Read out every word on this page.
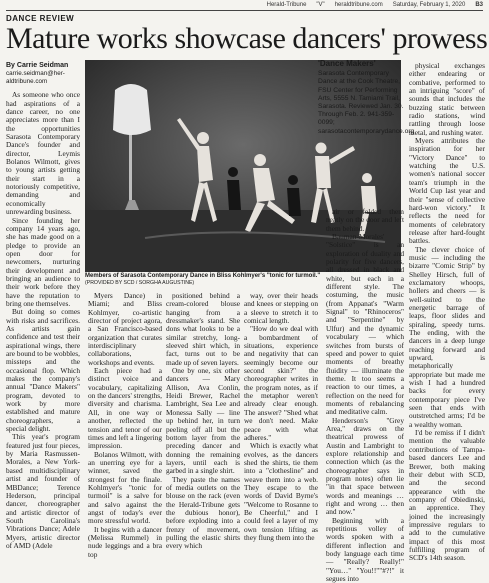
Herald-Tribune "V" heraldtribune.com Saturday, February 1, 2020 B3
DANCE REVIEW
Mature works showcase dancers' prowess
By Carrie Seidman
carrie.seidman@her-aldtribune.com

As someone who once had aspirations of a dance career, no one appreciates more than I the opportunities Sarasota Contemporary Dance's founder and director, Leymis Bolanos Wilmott, gives to young artists getting their start in a notoriously competitive, demanding and economically unrewarding business.

Since founding her company 14 years ago, she has made good on a pledge to provide an open door for newcomers, nurturing their development and bringing an audience to their work before they have the reputation to bring one themselves.

But doing so comes with risks and sacrifices. As artists gain confidence and test their aspirational wings, there are bound to be wobbles, missteps and the occasional flop. Which makes the company's annual "Dance Makers" program, devoted to work by more established and mature choreographers, a special delight.

This year's program featured just four pieces, by Maria Rasmussen-Morales, a New York-based multidisciplinary artist and founder of MBDance; Terence Hederson, principal dancer, choreographer and artistic director of South Carolina's Vibrations Dance; Adele Myers, artistic director of AMD (Adele

'Dance Makers'
Sarasota Contemporary Dance at the Cook Theatre, FSU Center for Performing Arts, 5555 N. Tamiami Trail, Sarasota. Reviewed Jan. 30. Through Feb. 2. 941-359-0099; sarasotacontemporarydance.org
Members of Sarasota Contemporary Dance in Bliss Kohlmyer's "tonic for turmoil."
(PROVIDED BY SCD / SORGHA AUGUSTINE)

Myers Dance) in Miami; and Bliss Kohlmyer, co-artistic director of project agora, a San Francisco-based organization that curates interdisciplinary collaborations, workshops and events.

Each piece had a distinct voice and vocabulary, capitalizing on the dancers' strengths, diversity and charisma. All, in one way or another, reflected the tension and tenor of our times and left a lingering impression.

Bolanos Wilmott, with an unerring eye for a winner, saved the strongest for the finale. Kohlmyer's "tonic for turmoil" is a salve for and salvo against the angst of today's ever more stressful world.

It begins with a dancer (Melissa Rummel) in nude leggings and a bra top

positioned behind a cream-colored blouse hanging from a dressmaker's stand. She dons what looks to be a similar stretchy, long-sleeved shirt which, in fact, turns out to be made up of seven layers.

One by one, six other dancers — Mary Allison, Ava Conlin, Heidi Brewer, Rachel Lambright, Sea Lee and Monessa Sally — line up behind her, in turn peeling off all but the bottom layer from the preceding dancer and donning the remaining layers, until each is garbed in a single shirt.

They paste the names of media outlets on the blouse on the rack (even the Herald-Tribune gets the dubious honor), before exploding into a frenzy of movement, pulling the elastic shirts every which

way, over their heads and knees or stepping on a sleeve to stretch it to comical length.

"How do we deal with a bombardment of situations, experience and negativity that can seemingly become our second skin?" the choreographer writes in the program notes, as if the metaphor weren't already clear enough. The answer? "Shed what we don't need. Make peace with what adheres."

Which is exactly what evolves, as the dancers shed the shirts, tie them into a "clothesline" and weave them into a web. They escape to the words of David Byrne's "Welcome to Rosanne to Be Cheerful," and I could feel a layer of my own tension lifting as they flung them into the

air or folded them neatly on the door and left them behind.

Bauman-Morales' "Solstice" is an exploration of duality and polarity for five dancers, all dressed in black and white, but each in a different style. The costuming, the music (from Appanat's "Warm Signal" to "Rhinoceros" and "Serpentine" by Ulfur) and the dynamic vocabulary — which switches from bursts of speed and power to quiet moments of breathy fluidity — illuminate the theme. It too seems a reaction to our times, a reflection on the need for moments of rebalancing and meditative calm.

Henderson's "Grey Area," draws on the theatrical prowess of Austin and Lambright to explore relationship and connection which (as the choreographer says in program notes) often lie "in that space between words and meanings … right and wrong … then and now."

Beginning with a repetitious volley of words spoken with a different inflection and body language each time — "Really? Really!" "You…" "You!!""#?!" it segues into

physical exchanges either endearing or combative, performed to an intriguing "score" of sounds that includes the buzzing static between radio stations, wind rattling through loose metal, and rushing water.

Myers attributes the inspiration for her "Victory Dance" to watching the U.S. women's national soccer team's triumph in the World Cup last year and their "sense of collective hard-won victory." It reflects the need for moments of celebratory release after hard-fought battles.

The clever choice of music — including the bizarre "Comic Strip" by Shelley Hirsch, full of exclamatory whoops, hollers and cheers — is well-suited to the energetic barrage of leaps, floor slides and spiraling, speedy turns. The ending, with the dancers in a deep lunge reaching forward and upward, is metaphorically appropriate but made me wish I had a hundred backs for every contemporary piece I've seen that ends with outstretched arms; I'd be a wealthy woman.

I'd be remiss if I didn't mention the valuable contributions of Tampa-based dancers Lee and Brewer, both making their debut with SCD, and the second appearance with the company of Obiedinski, an apprentice. They joined the increasingly impressive regulars to add to the cumulative impact of this most fulfilling program of SCD's 14th season.
